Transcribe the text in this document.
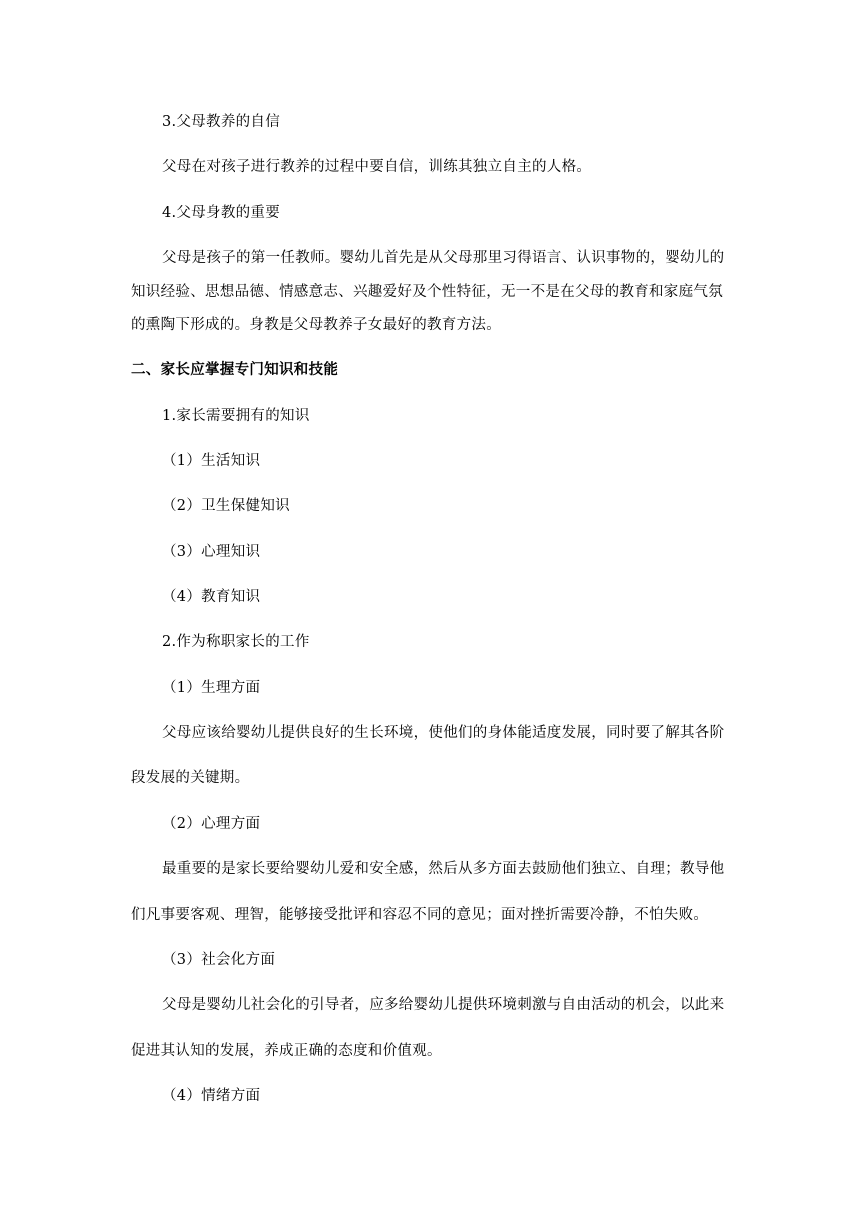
3.父母教养的自信
父母在对孩子进行教养的过程中要自信，训练其独立自主的人格。
4.父母身教的重要
父母是孩子的第一任教师。婴幼儿首先是从父母那里习得语言、认识事物的，婴幼儿的
知识经验、思想品德、情感意志、兴趣爱好及个性特征，无一不是在父母的教育和家庭气氛
的熏陶下形成的。身教是父母教养子女最好的教育方法。
二、家长应掌握专门知识和技能
1.家长需要拥有的知识
（1）生活知识
（2）卫生保健知识
（3）心理知识
（4）教育知识
2.作为称职家长的工作
（1）生理方面
父母应该给婴幼儿提供良好的生长环境，使他们的身体能适度发展，同时要了解其各阶
段发展的关键期。
（2）心理方面
最重要的是家长要给婴幼儿爱和安全感，然后从多方面去鼓励他们独立、自理；教导他
们凡事要客观、理智，能够接受批评和容忍不同的意见；面对挫折需要冷静，不怕失败。
（3）社会化方面
父母是婴幼儿社会化的引导者，应多给婴幼儿提供环境刺激与自由活动的机会，以此来
促进其认知的发展，养成正确的态度和价值观。
（4）情绪方面
